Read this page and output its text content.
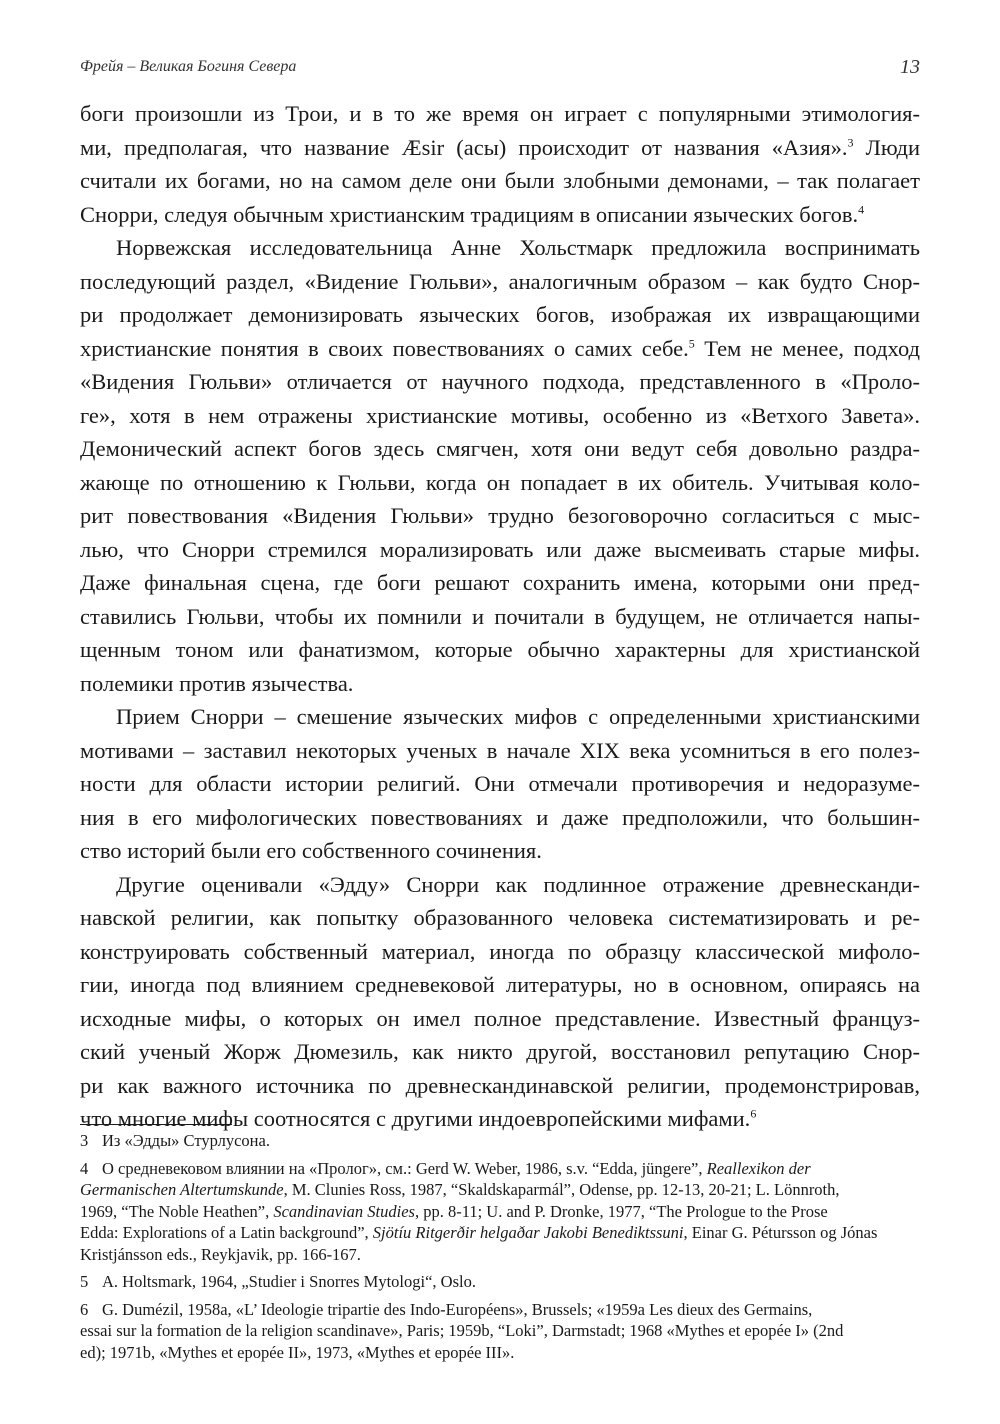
Фрейя – Великая Богиня Севера	13

боги произошли из Трои, и в то же время он играет с популярными этимология-
ми, предполагая, что название Æsir (асы) происходит от названия «Азия».$^3$ Люди
считали их богами, но на самом деле они были злобными демонами, – так полагает
Снорри, следуя обычным христианским традициям в описании языческих богов.$^4$

Норвежская исследовательница Анне Хольстмарк предложила воспринимать
последующий раздел, «Видение Гюльви», аналогичным образом – как будто Снор-
ри продолжает демонизировать языческих богов, изображая их извращающими
христианские понятия в своих повествованиях о самих себе.$^5$ Тем не менее, подход
«Видения Гюльви» отличается от научного подхода, представленного в «Проло-
ге», хотя в нем отражены христианские мотивы, особенно из «Ветхого Завета».
Демонический аспект богов здесь смягчен, хотя они ведут себя довольно раздра-
жающе по отношению к Гюльви, когда он попадает в их обитель. Учитывая коло-
рит повествования «Видения Гюльви» трудно безоговорочно согласиться с мыс-
лью, что Снорри стремился морализировать или даже высмеивать старые мифы.
Даже финальная сцена, где боги решают сохранить имена, которыми они пред-
ставились Гюльви, чтобы их помнили и почитали в будущем, не отличается напы-
щенным тоном или фанатизмом, которые обычно характерны для христианской
полемики против язычества.

Прием Снорри – смешение языческих мифов с определенными христианскими
мотивами – заставил некоторых ученых в начале XIX века усомниться в его полез-
ности для области истории религий. Они отмечали противоречия и недоразуме-
ния в его мифологических повествованиях и даже предположили, что большин-
ство историй были его собственного сочинения.

Другие оценивали «Эдду» Снорри как подлинное отражение древнесканди-
навской религии, как попытку образованного человека систематизировать и ре-
конструировать собственный материал, иногда по образцу классической мифоло-
гии, иногда под влиянием средневековой литературы, но в основном, опираясь на
исходные мифы, о которых он имел полное представление. Известный француз-
ский ученый Жорж Дюмезиль, как никто другой, восстановил репутацию Снор-
ри как важного источника по древнескандинавской религии, продемонстрировав,
что многие мифы соотносятся с другими индоевропейскими мифами.$^6$

3 Из «Эдды» Стурлусона.
4 О средневековом влиянии на «Пролог», см.: Gerd W. Weber, 1986, s.v. “Edda, jüngere”, Reallexikon der
Germanischen Altertumskunde, M. Clunies Ross, 1987, “Skaldskaparmál”, Odense, pp. 12-13, 20-21; L. Lönnroth,
1969, “The Noble Heathen”, Scandinavian Studies, pp. 8-11; U. and P. Dronke, 1977, “The Prologue to the Prose
Edda: Explorations of a Latin background”, Sjötíu Ritgerðir helgaðar Jakobi Benediktssuni, Einar G. Pétursson og Jónas
Kristjánsson eds., Reykjavik, pp. 166-167.
5 A. Holtsmark, 1964, „Studier i Snorres Mytologi“, Oslo.
6 G. Dumézil, 1958a, «L’ Ideologie tripartie des Indo-Européens», Brussels; «1959a Les dieux des Germains,
essai sur la formation de la religion scandinave», Paris; 1959b, “Loki”, Darmstadt; 1968 «Mythes et epopée I» (2nd
ed); 1971b, «Mythes et epopée II», 1973, «Mythes et epopée III».
